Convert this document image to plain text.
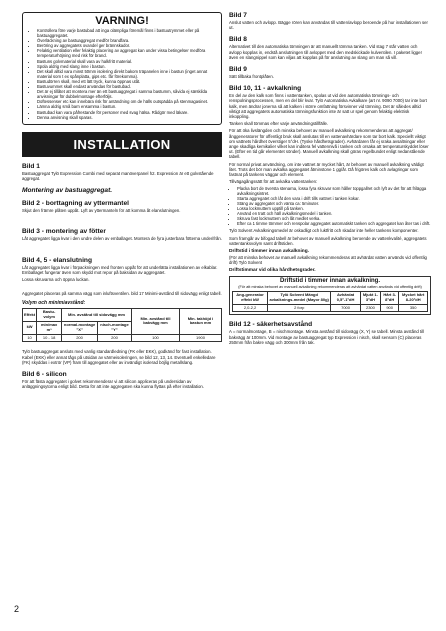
VARNING!
• Kontrollera före varje bastubad att inga olämpliga föremål finns i bastuutrymmet eller på bastuaggregatet.
• Överläckning av bastuaggregat medför brandfara.
• Beröring av aggregatets ovandel ger brännskador.
• Felaktig ventilation eller felaktig placering av aggregat kan under vissa betingelser medföra temperaturhöjning med risk för brand.
• Bastuns golvmaterial skall vara av halkfritt material.
• Spola aldrig med slang inne i bastun.
• Det skall alltid vara minst 50mm isolering direkt bakom träpanelen inne i bastun (inget annat material som t ex spånplatta, gips etc. får förekomma).
• Bastudörren skall, med ett lätt tryck, kunna öppnas utåt.
• Bastuvummet skall endast användas för bastubad.
• Det är ej tillåtet att montera mer än ett bastuaggregat i samma bastumm, såvida ej särskilda anvisningar för dubbelmontage efterföljs.
• Doftessenser etc kan innebära risk för antändning om de hälls outspädda på stenmagasinet.
• Lämna aldrig små barn ensamma i bastun.
• Bastubad kan vara påfrestande för personer med svag hälsa. Rådgör med läkare.
• Denna anvisning skall sparas.
INSTALLATION
Bild 1

Bastuaggregat Tylö Expression Combi med separat manöverpanel h2. Expression är ett golvstående aggregat.

Montering av bastuaggregat.
Bild 2 - borttagning av yttermantel

Skjut den främre plåten uppåt. Lyft av yttermanteln för att komma åt elanslutningen.

Bild 3 - montering av fötter

Låt aggregatet ligga kvar i den undre delen av emballaget. Montera de fyra justerbara fötterna underifrån.

Bild 4, 5 - elanslutning

Låt aggregatet ligga kvar i förpackningen med fronten uppåt för att underlätta installationen av elkablar. Emballaget fungerar även som skydd mot repor på baksidan av aggregatet.

Lossa skruvarna och öppna luckan.

Aggregatet placeras på samma vägg som inluftsventilen. bild 17 Minimi-avstånd till sidovägg enligt tabell.

Volym och minimiavstånd:
Effekt	Bastu-volym	Min. avstånd till sidovägg mm		Min. avstånd till bakvägg mm	Min. takhöjd i bastun mm
kW	min/max m³	normal-montage "X"	nisch-montage "Y"		
10	10 - 18	200	200	100	1900

Tylö bastuaggregat ansluts med vanlig standardledning (FK eller EKK), godkänd för fast installation. Kabel (EKK) eller annat tågs på utsidan av värmeisoleringen, se bild 12, 13, 14. Eventuell enkelledare (FK) skyddas i extrör (VP) fram till aggregatet eller av invändigt isolerad böjlig metallslang.

Bild 6 - silicon

För att fästa aggregatet i golvet rekommenderar vi att silicon appliceras på undersidan av anläggningsytorna enligt bild. Detta för att inte aggregaten ska kunna flyttas på efter installation.

Bild 7

Anslut vatten och avlopp. Bägge rören kan användas till vatten/avlopp beroende på hur installationen ser ut.

Bild 8

Alternativet till den automatiska tömningen är att manuellt tömma tanken. Vid stag 7 står vatten och avlopp kopplas in, endstå anslutningen till avloppet med den medskickade kulventilen. I paketet ligger även en slangnippel som kan viljas att kopplas på för anslutning av slang om man så vill.

Bild 9

Sätt tillbaka frontplåten.

Bild 10, 11 - avkalkning

En del av den kalk som finns i vattentanken, spolas ut vid den automatiska tömnings- och renspolningsprocessen, men en del blir kvar. Tylö Automatiska Avkalkare (art nr. 9090 7000) tar inte bort kalk, men ändrar jonerna så att kalken i större omfattning försvinner vid tömning. Det är således alltid viktigt att aggregatets automatiska tömningsfunktion inte är satt ur spel genom felaktig elektrisk inkoppling.

Tanken skall tömmas efter varje användningstillfälle.

För att öka livslängden och minska behovet av manuell avkalkning rekommenderas att aggregat/ånggeneratorer för offentligt bruk skall anslutas till en vattenavhärdare som tar bort kalk. Speciellt viktigt om vattnets hårdhet överstiger 5°dH. (Tyske hårdhetsgrader). Avhärdaren får ej sraka avsaltningar eller ange skadliga kemikalier vilket kan inditera fel vattennivå i tanken och orsaka att temperaturskyddet löser ut. (Efter en tid går elementet sönder). Manuell avkalkning skall göras regelbundet enligt nedanstående tabell.

För normal privat användning, om inte vattnet är mycket hårt, är behovet av manuell avkalkning väldigt litet. Trots det bör man avkalka aggregatet åtminstone 1 gg/år. Då frigöres kalk och avlagringar som fastnat på tankens väggar och element.

Tillvägagångssätt för att avkalka vattentanken:

• Placka bort de översta stenarna, lossa fyra skruvar som håller toppgallret och lyft av det för att frilägga avkalkningsintret.
• Starta aggregatet och låt den vara i drift tills vattnet i tanken kokar.
• Stäng av aggregatet och vänta ca: 5minuter.
• Lossa lockmuttern upptill på tanken.
• Använd en tratt och häll avkalkningsmedel i tanken.
• Skruva fast lockmuttern och låt medlet verka.
• Efter ca 1 timme tömmer och renspolar aggregatet automatiskt tanken och aggregatet kan åter tas i drift.

Tylö Solvent Avkalkningsmedel är oskadligt och luktfritt och skadar inte heller tankens komponenter.

Som framgår av bifogad tabell är behovet av manuell avkalkning beroende av vattenkvalité, aggregatets vattentanksvolym samt driftstiden.

Driftstid i timmer innan avkalkning.

(För att minska behovet av manuell avkalkning rekommenderas att avhärdat vatten används vid offentlig drift) Tylö Solvent

Driftstimmar vid olika hårdhetsgrader.

Driftstid i timmer innan avkalkning.

(För att minska behovet av manuell avkalkning rekommenderas att avhärdat vatten används vid offentlig drift)

Ang-generator effekt kW	Tylö Solvent Mängd avkalknings-medel (Mayor 80g)	Avhärdat 0,5°-1°dH	Mjukt 1-3°dH	Hårt 3-8°dH	Mycket hårt 8-20°dH
2,0-2,2	2 forp	7000	2300	900	350
Bild 12 - säkerhetsavstånd

A = normalmontage, B = nischmontage. Minsta avstånd till sidovägg (X, Y) se tabell. Minsta avstånd till bakvägg är 100mm. Vid montage av bastuaggregat typ Expression i nisch, skall sensorn (C) placeras 250mm från bakre vägg och 300mm från tak.

2
